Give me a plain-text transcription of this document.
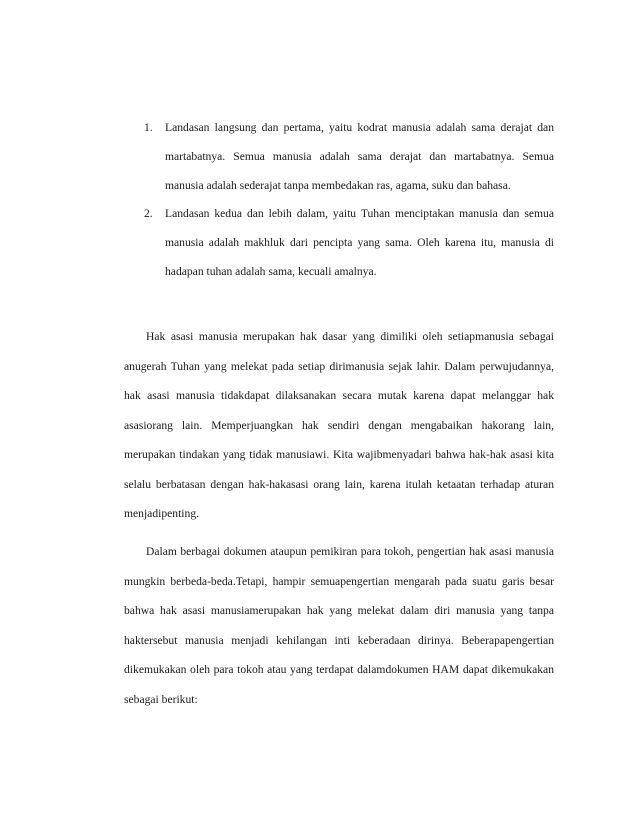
1. Landasan langsung dan pertama, yaitu kodrat manusia adalah sama derajat dan martabatnya. Semua manusia adalah sama derajat dan martabatnya. Semua manusia adalah sederajat tanpa membedakan ras, agama, suku dan bahasa.
2. Landasan kedua dan lebih dalam, yaitu Tuhan menciptakan manusia dan semua manusia adalah makhluk dari pencipta yang sama. Oleh karena itu, manusia di hadapan tuhan adalah sama, kecuali amalnya.

Hak asasi manusia merupakan hak dasar yang dimiliki oleh setiapmanusia sebagai anugerah Tuhan yang melekat pada setiap dirimanusia sejak lahir. Dalam perwujudannya, hak asasi manusia tidakdapat dilaksanakan secara mutak karena dapat melanggar hak asasiorang lain. Memperjuangkan hak sendiri dengan mengabaikan hakorang lain, merupakan tindakan yang tidak manusiawi. Kita wajibmenyadari bahwa hak-hak asasi kita selalu berbatasan dengan hak-hakasasi orang lain, karena itulah ketaatan terhadap aturan menjadipenting.

Dalam berbagai dokumen ataupun pemikiran para tokoh, pengertian hak asasi manusia mungkin berbeda-beda.Tetapi, hampir semuapengertian mengarah pada suatu garis besar bahwa hak asasi manusiamerupakan hak yang melekat dalam diri manusia yang tanpa haktersebut manusia menjadi kehilangan inti keberadaan dirinya. Beberapapengertian dikemukakan oleh para tokoh atau yang terdapat dalamdokumen HAM dapat dikemukakan sebagai berikut:
